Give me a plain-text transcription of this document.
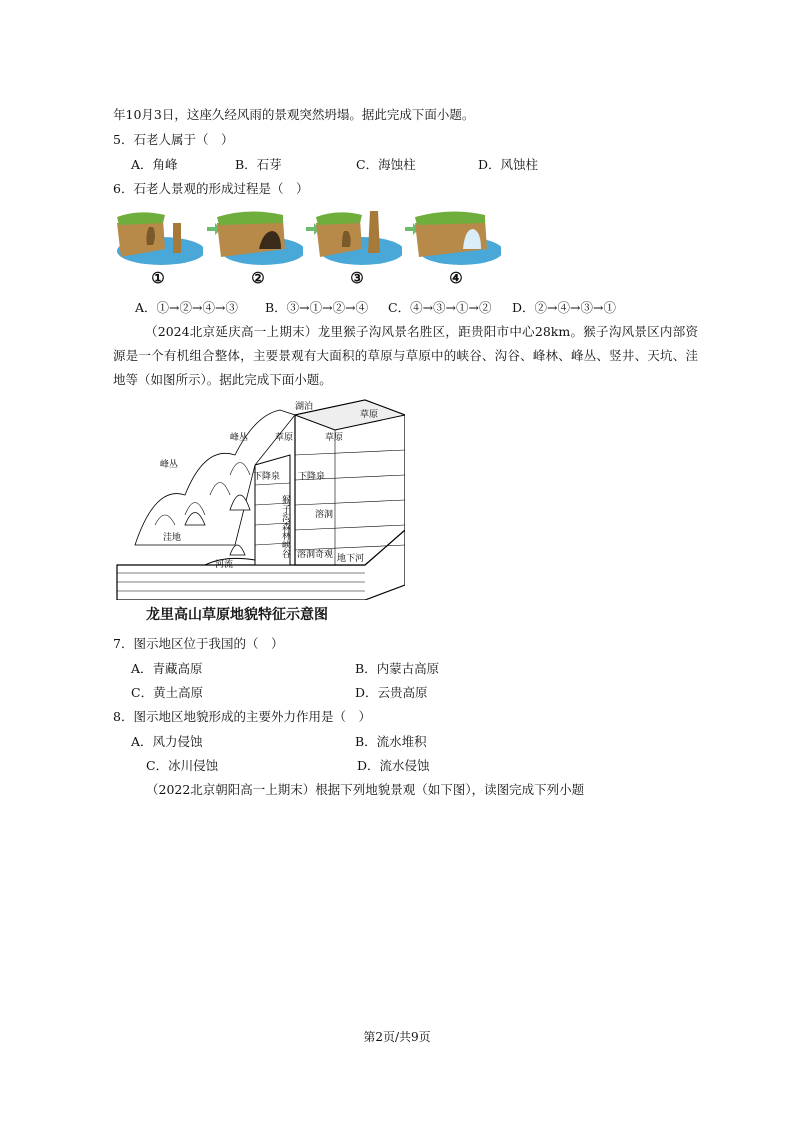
年10月3日，这座久经风雨的景观突然坍塌。据此完成下面小题。
5．石老人属于（　）
A．角峰	B．石芽	C．海蚀柱	D．风蚀柱
6．石老人景观的形成过程是（　）
①	②	③	④
A．①→②→④→③ B．③→①→②→④ C．④→③→①→② D．②→④→③→①
（2024北京延庆高一上期末）龙里猴子沟风景名胜区，距贵阳市中心28km。猴子沟风景区内部资源是一个有机组合整体，主要景观有大面积的草原与草原中的峡谷、沟谷、峰林、峰丛、竖井、天坑、洼地等（如图所示）。据此完成下面小题。
湖泊
草原
草原	草原
峰丛
峰丛
洼地
河流
下降泉 下降泉
猴子沟森林峡谷	溶洞
溶洞奇观 地下河
龙里高山草原地貌特征示意图
7．图示地区位于我国的（　）
A．青藏高原	B．内蒙古高原
C．黄土高原	D．云贵高原
8．图示地区地貌形成的主要外力作用是（　）
A．风力侵蚀	B．流水堆积
C．冰川侵蚀	D．流水侵蚀
（2022北京朝阳高一上期末）根据下列地貌景观（如下图），读图完成下列小题
第2页/共9页
